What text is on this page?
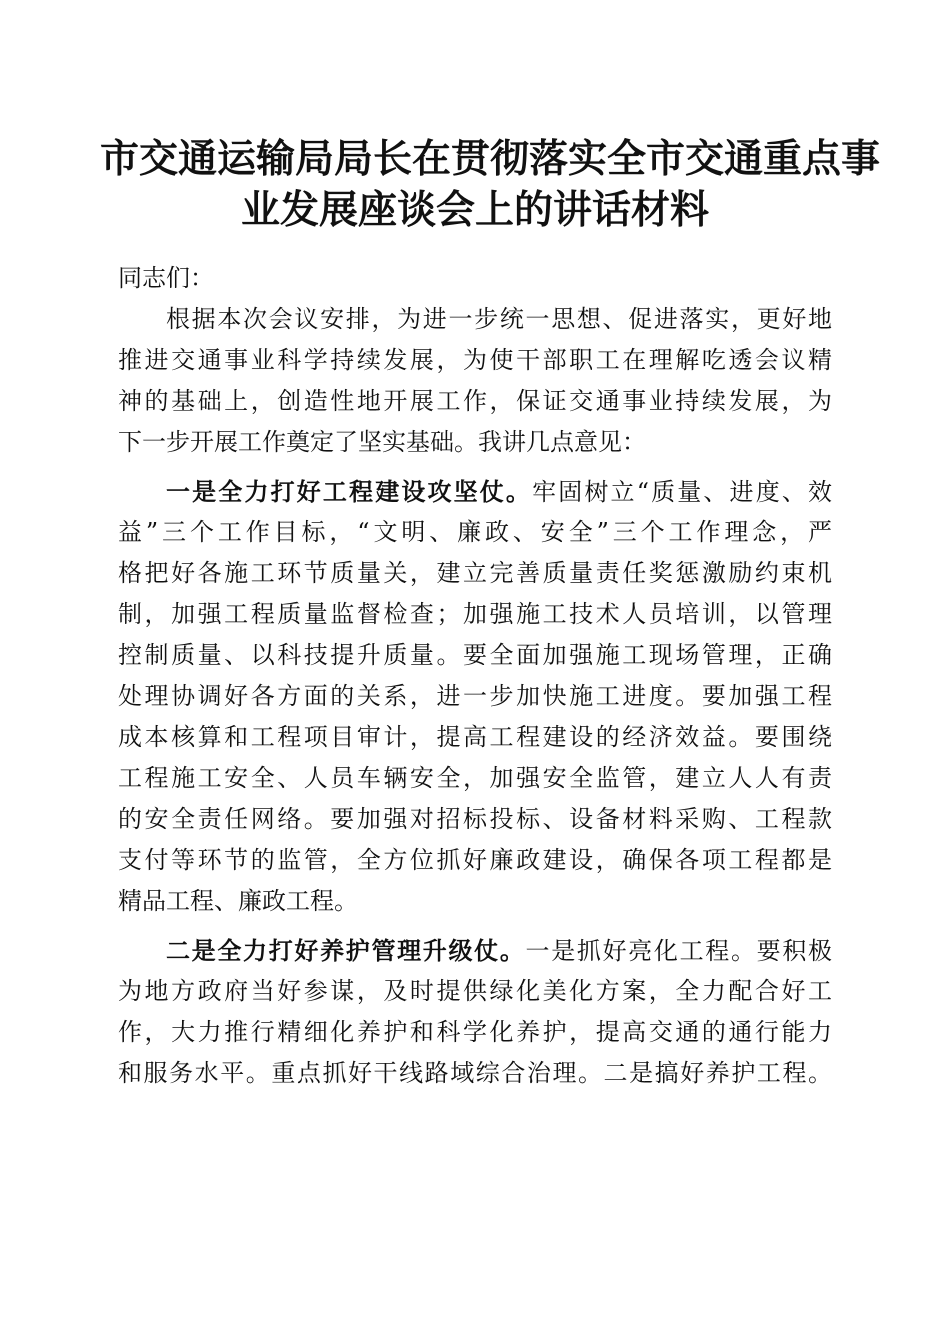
市交通运输局局长在贯彻落实全市交通重点事
业发展座谈会上的讲话材料
同志们：
根据本次会议安排，为进一步统一思想、促进落实，更好地
推进交通事业科学持续发展，为使干部职工在理解吃透会议精
神的基础上，创造性地开展工作，保证交通事业持续发展，为
下一步开展工作奠定了坚实基础。我讲几点意见：
一是全力打好工程建设攻坚仗。牢固树立“质量、进度、效
益”三个工作目标，“文明、廉政、安全”三个工作理念，严
格把好各施工环节质量关，建立完善质量责任奖惩激励约束机
制，加强工程质量监督检查；加强施工技术人员培训，以管理
控制质量、以科技提升质量。要全面加强施工现场管理，正确
处理协调好各方面的关系，进一步加快施工进度。要加强工程
成本核算和工程项目审计，提高工程建设的经济效益。要围绕
工程施工安全、人员车辆安全，加强安全监管，建立人人有责
的安全责任网络。要加强对招标投标、设备材料采购、工程款
支付等环节的监管，全方位抓好廉政建设，确保各项工程都是
精品工程、廉政工程。
二是全力打好养护管理升级仗。一是抓好亮化工程。要积极
为地方政府当好参谋，及时提供绿化美化方案，全力配合好工
作，大力推行精细化养护和科学化养护，提高交通的通行能力
和服务水平。重点抓好干线路域综合治理。二是搞好养护工程。
